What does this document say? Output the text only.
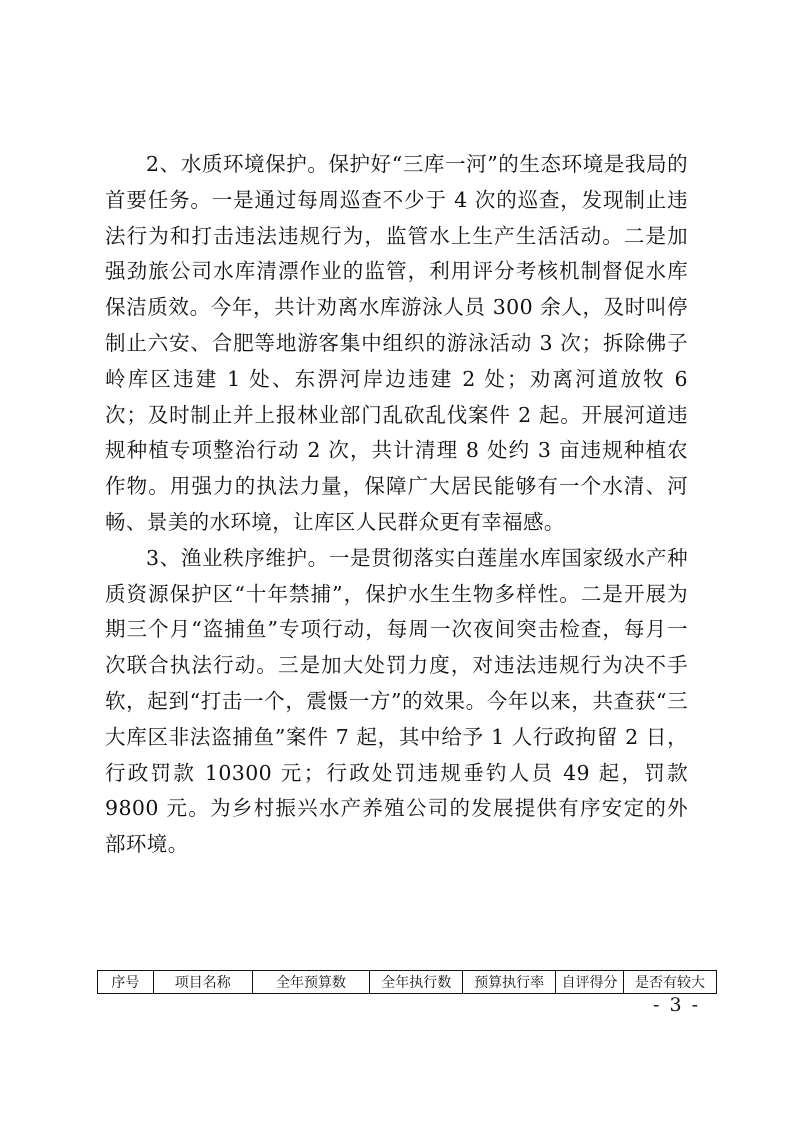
2、水质环境保护。保护好“三库一河”的生态环境是我局的首要任务。一是通过每周巡查不少于 4 次的巡查，发现制止违法行为和打击违法违规行为，监管水上生产生活活动。二是加强劲旅公司水库清漂作业的监管，利用评分考核机制督促水库保洁质效。今年，共计劝离水库游泳人员 300 余人，及时叫停制止六安、合肥等地游客集中组织的游泳活动 3 次；拆除佛子岭库区违建 1 处、东淠河岸边违建 2 处；劝离河道放牧 6 次；及时制止并上报林业部门乱砍乱伐案件 2 起。开展河道违规种植专项整治行动 2 次，共计清理 8 处约 3 亩违规种植农作物。用强力的执法力量，保障广大居民能够有一个水清、河畅、景美的水环境，让库区人民群众更有幸福感。

3、渔业秩序维护。一是贯彻落实白莲崖水库国家级水产种质资源保护区“十年禁捕”，保护水生生物多样性。二是开展为期三个月“盗捕鱼”专项行动，每周一次夜间突击检查，每月一次联合执法行动。三是加大处罚力度，对违法违规行为决不手软，起到“打击一个，震慑一方”的效果。今年以来，共查获“三大库区非法盗捕鱼”案件 7 起，其中给予 1 人行政拘留 2 日，行政罚款 10300 元；行政处罚违规垂钓人员 49 起，罚款 9800 元。为乡村振兴水产养殖公司的发展提供有序安定的外部环境。

序号	项目名称	全年预算数	全年执行数	预算执行率	自评得分	是否有较大
- 3 -
